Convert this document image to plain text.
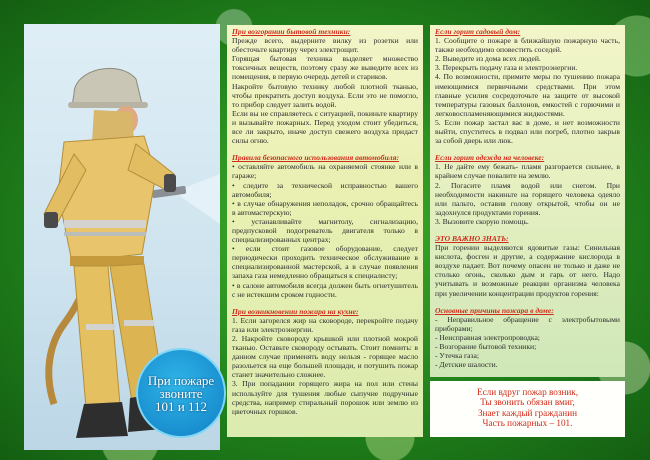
При пожаре
звоните
101 и 112
При возгорании бытовой техники:

Прежде всего, выдерните вилку из розетки или обесточьте квартиру через электрощит.

Горящая бытовая техника выделяет множество токсичных веществ, поэтому сразу же выведите всех из помещения, в первую очередь детей и стариков.

Накройте бытовую технику любой плотной тканью, чтобы прекратить доступ воздуха. Если это не помогло, то прибор следует залить водой.

Если вы не справляетесь с ситуацией, покиньте квартиру и вызывайте пожарных. Перед уходом стоит убедиться, все ли закрыто, иначе доступ свежего воздуха придаст силы огню.

Правила безопасного использования автомобиля:

• оставляйте автомобиль на охраняемой стоянке или в гараже;

• следите за технической исправностью вашего автомобиля;

• в случае обнаружения неполадок, срочно обращайтесь в автомастерскую;

• устанавливайте магнитолу, сигнализацию, предпусковой подогреватель двигателя только в специализированных центрах;

• если стоит газовое оборудование, следует периодически проходить техническое обслуживание в специализированной мастерской, а в случае появления запаха газа немедленно обращаться к специалисту;

• в салоне автомобиля всегда должен быть огнетушитель с не истекшим сроком годности.

При возникновении пожара на кухне:

1. Если загорелся жир на сковороде, перекройте подачу газа или электроэнергии.

2. Накройте сковороду крышкой или плотной мокрой тканью. Оставьте сковороду остывать. Стоит помнить: в данном случае применять воду нельзя - горящее масло разольется на еще большей площади, и потушить пожар станет значительно сложнее.

3. При попадании горящего жира на пол или стены используйте для тушения любые сыпучие подручные средства, например стиральный порошок или землю из цветочных горшков.

Если горит садовый дом:

1. Сообщите о пожаре в ближайшую пожарную часть, также необходимо оповестить соседей.

2. Выведите из дома всех людей.

3. Перекрыть подачу газа и электроэнергии.

4. По возможности, примите меры по тушению пожара имеющимися первичными средствами. При этом главные усилия сосредоточьте на защите от высокой температуры газовых баллонов, емкостей с горючими и легковоспламеняющимися жидкостями.

5. Если пожар застал вас в доме, и нет возможности выйти, спуститесь в подвал или погреб, плотно закрыв за собой дверь или люк.

Если горит одежда на человеке:

1. Не дайте ему бежать- пламя разгорается сильнее, в крайнем случае повалите на землю.

2. Погасите пламя водой или снегом. При необходимости накиньте на горящего человека одеяло или пальто, оставив голову открытой, чтобы он не задохнулся продуктами горения.

3. Вызовите скорую помощь.

ЭТО ВАЖНО ЗНАТЬ:

При горении выделяются ядовитые газы: Синильная кислота, фосген и другие, а содержание кислорода в воздухе падает. Вот почему опасен не только и даже не столько огонь, сколько дым и гарь от него. Надо учитывать и возможные реакции организма человека при увеличении концентрации продуктов горения:

Основные причины пожара в доме:

- Неправильное обращение с электробытовыми приборами;

- Неисправная электропроводка;

- Возгорание бытовой техники;

- Утечка газа;

- Детские шалости.

Если вдруг пожар возник,
Ты звонить обязан вмиг,
Знает каждый гражданин
Часть пожарных – 101.
